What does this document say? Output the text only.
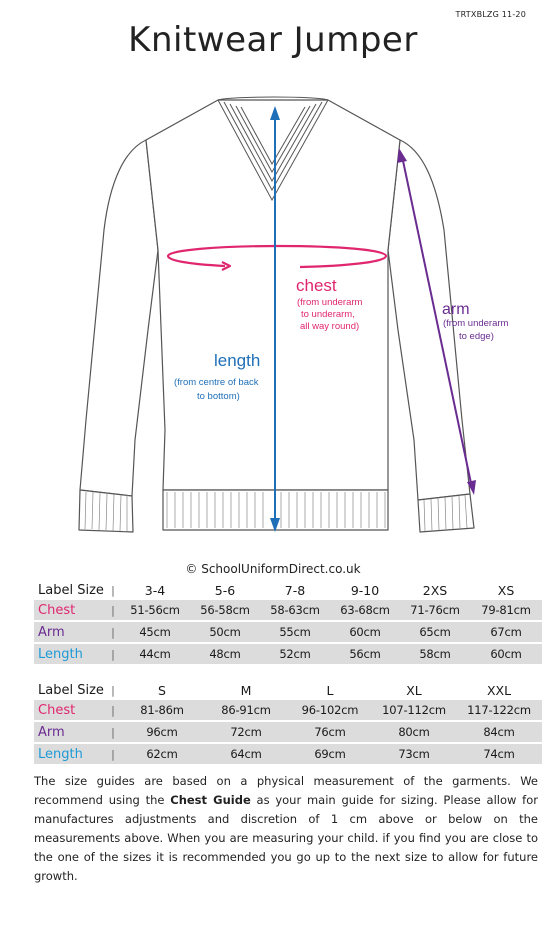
TRTXBLZG 11-20
Knitwear Jumper
chest
(from underarm
to underarm,
all way round)
arm
(from underarm
to edge)
length
(from centre of back
to bottom)
© SchoolUniformDirect.co.uk
Label Size	|	3-4	5-6	7-8	9-10	2XS	XS
Chest	|	51-56cm	56-58cm	58-63cm	63-68cm	71-76cm	79-81cm
Arm	|	45cm	50cm	55cm	60cm	65cm	67cm
Length	|	44cm	48cm	52cm	56cm	58cm	60cm
Label Size	|	S	M	L	XL	XXL
Chest	|	81-86m	86-91cm	96-102cm	107-112cm	117-122cm
Arm	|	96cm	72cm	76cm	80cm	84cm
Length	|	62cm	64cm	69cm	73cm	74cm

The size guides are based on a physical measurement of the garments. We recommend using the Chest Guide as your main guide for sizing. Please allow for manufactures adjustments and discretion of 1 cm above or below on the measurements above. When you are measuring your child. if you find you are close to the one of the sizes it is recommended you go up to the next size to allow for future growth.
